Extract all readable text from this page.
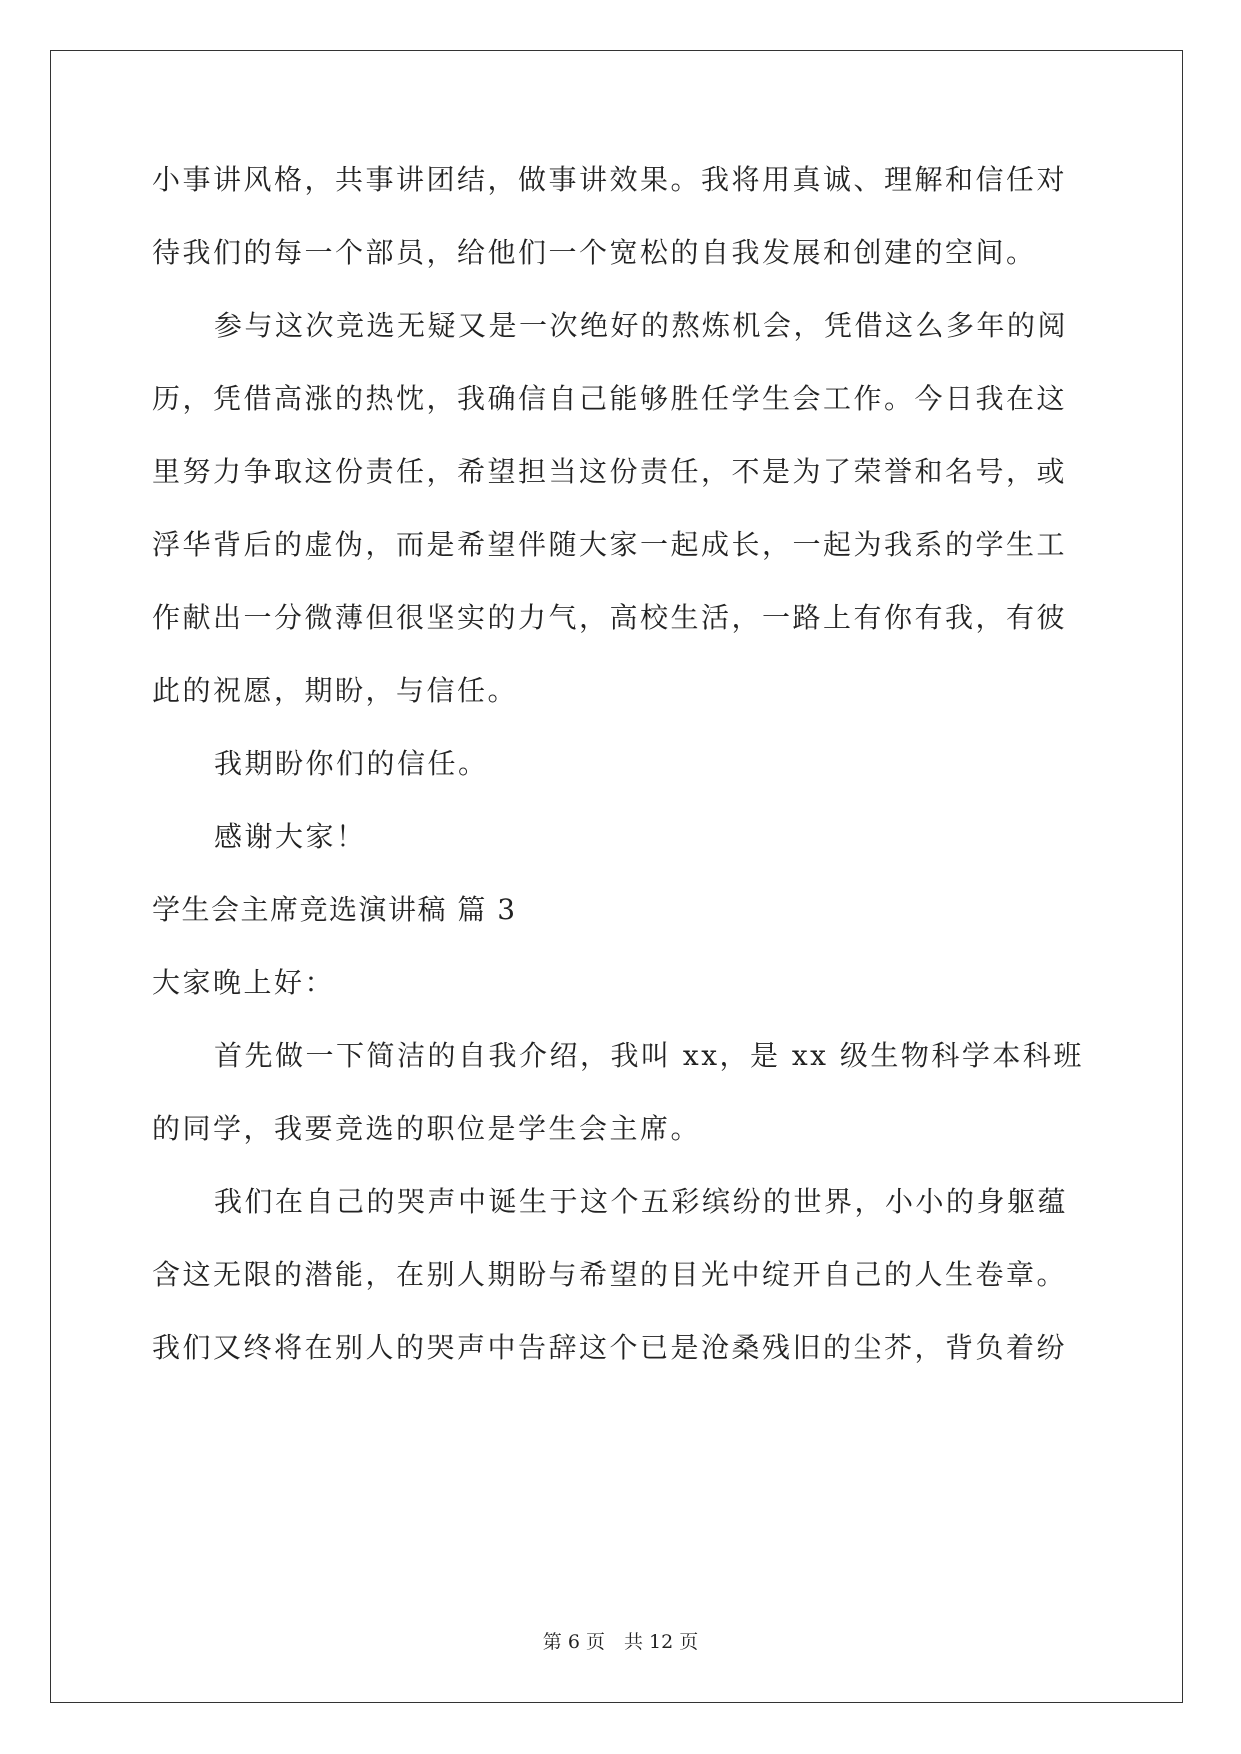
小事讲风格，共事讲团结，做事讲效果。我将用真诚、理解和信任对
待我们的每一个部员，给他们一个宽松的自我发展和创建的空间。
参与这次竞选无疑又是一次绝好的熬炼机会，凭借这么多年的阅
历，凭借高涨的热忱，我确信自己能够胜任学生会工作。今日我在这
里努力争取这份责任，希望担当这份责任，不是为了荣誉和名号，或
浮华背后的虚伪，而是希望伴随大家一起成长，一起为我系的学生工
作献出一分微薄但很坚实的力气，高校生活，一路上有你有我，有彼
此的祝愿，期盼，与信任。
我期盼你们的信任。
感谢大家！
学生会主席竞选演讲稿 篇 3
大家晚上好：
首先做一下简洁的自我介绍，我叫 xx，是 xx 级生物科学本科班
的同学，我要竞选的职位是学生会主席。
我们在自己的哭声中诞生于这个五彩缤纷的世界，小小的身躯蕴
含这无限的潜能，在别人期盼与希望的目光中绽开自己的人生卷章。
我们又终将在别人的哭声中告辞这个已是沧桑残旧的尘芥，背负着纷
第 6 页　共 12 页
